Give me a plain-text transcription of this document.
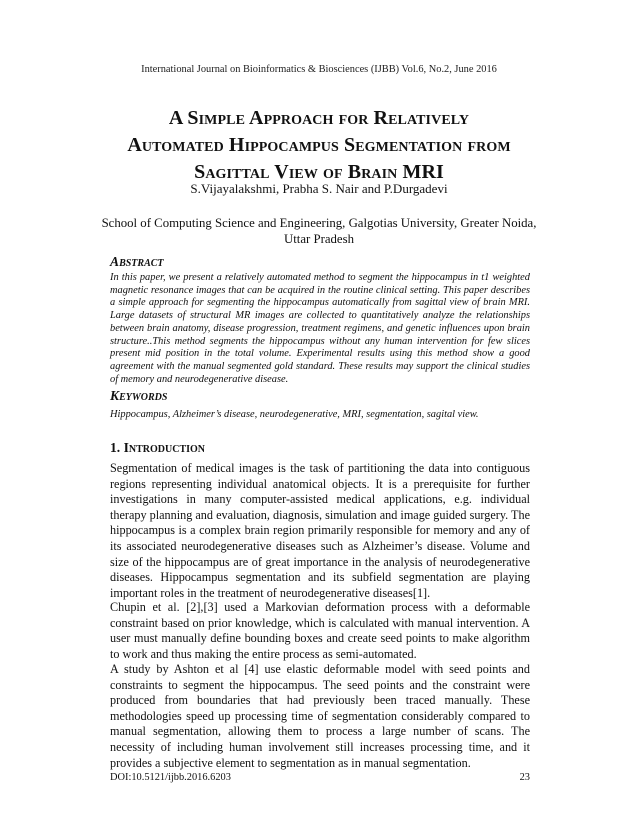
International Journal on Bioinformatics & Biosciences (IJBB) Vol.6, No.2, June 2016
A Simple Approach for Relatively
Automated Hippocampus Segmentation from
Sagittal View of Brain MRI
S.Vijayalakshmi, Prabha S. Nair and P.Durgadevi
School of Computing Science and Engineering, Galgotias University, Greater Noida,
Uttar Pradesh
Abstract
In this paper, we present a relatively automated method to segment the hippocampus in t1 weighted magnetic resonance images that can be acquired in the routine clinical setting. This paper describes a simple approach for segmenting the hippocampus automatically from sagittal view of brain MRI. Large datasets of structural MR images are collected to quantitatively analyze the relationships between brain anatomy, disease progression, treatment regimens, and genetic influences upon brain structure..This method segments the hippocampus without any human intervention for few slices present mid position in the total volume. Experimental results using this method show a good agreement with the manual segmented gold standard. These results may support the clinical studies of memory and neurodegenerative disease.
Keywords
Hippocampus, Alzheimer’s disease, neurodegenerative, MRI, segmentation, sagital view.
1. Introduction
Segmentation of medical images is the task of partitioning the data into contiguous regions representing individual anatomical objects. It is a prerequisite for further investigations in many computer-assisted medical applications, e.g. individual therapy planning and evaluation, diagnosis, simulation and image guided surgery. The hippocampus is a complex brain region primarily responsible for memory and any of its associated neurodegenerative diseases such as Alzheimer’s disease. Volume and size of the hippocampus are of great importance in the analysis of neurodegenerative diseases. Hippocampus segmentation and its subfield segmentation are playing important roles in the treatment of neurodegenerative diseases[1].
Chupin et al. [2],[3] used a Markovian deformation process with a deformable constraint based on prior knowledge, which is calculated with manual intervention. A user must manually define bounding boxes and create seed points to make algorithm to work and thus making the entire process as semi-automated.
A study by Ashton et al [4] use elastic deformable model with seed points and constraints to segment the hippocampus. The seed points and the constraint were produced from boundaries that had previously been traced manually. These methodologies speed up processing time of segmentation considerably compared to manual segmentation, allowing them to process a large number of scans. The necessity of including human involvement still increases processing time, and it provides a subjective element to segmentation as in manual segmentation.
DOI:10.5121/ijbb.2016.6203	23
